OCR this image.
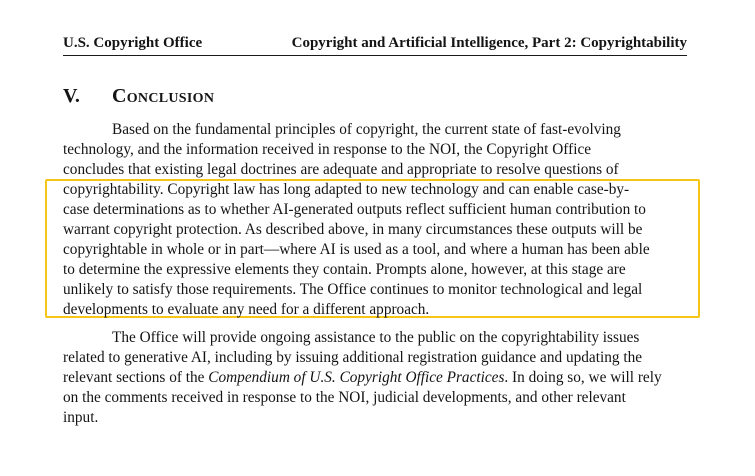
U.S. Copyright Office	Copyright and Artificial Intelligence, Part 2: Copyrightability
V. Conclusion
Based on the fundamental principles of copyright, the current state of fast-evolving
technology, and the information received in response to the NOI, the Copyright Office
concludes that existing legal doctrines are adequate and appropriate to resolve questions of
copyrightability. Copyright law has long adapted to new technology and can enable case-by-
case determinations as to whether AI-generated outputs reflect sufficient human contribution to
warrant copyright protection. As described above, in many circumstances these outputs will be
copyrightable in whole or in part—where AI is used as a tool, and where a human has been able
to determine the expressive elements they contain. Prompts alone, however, at this stage are
unlikely to satisfy those requirements. The Office continues to monitor technological and legal
developments to evaluate any need for a different approach.
The Office will provide ongoing assistance to the public on the copyrightability issues
related to generative AI, including by issuing additional registration guidance and updating the
relevant sections of the Compendium of U.S. Copyright Office Practices. In doing so, we will rely
on the comments received in response to the NOI, judicial developments, and other relevant
input.
